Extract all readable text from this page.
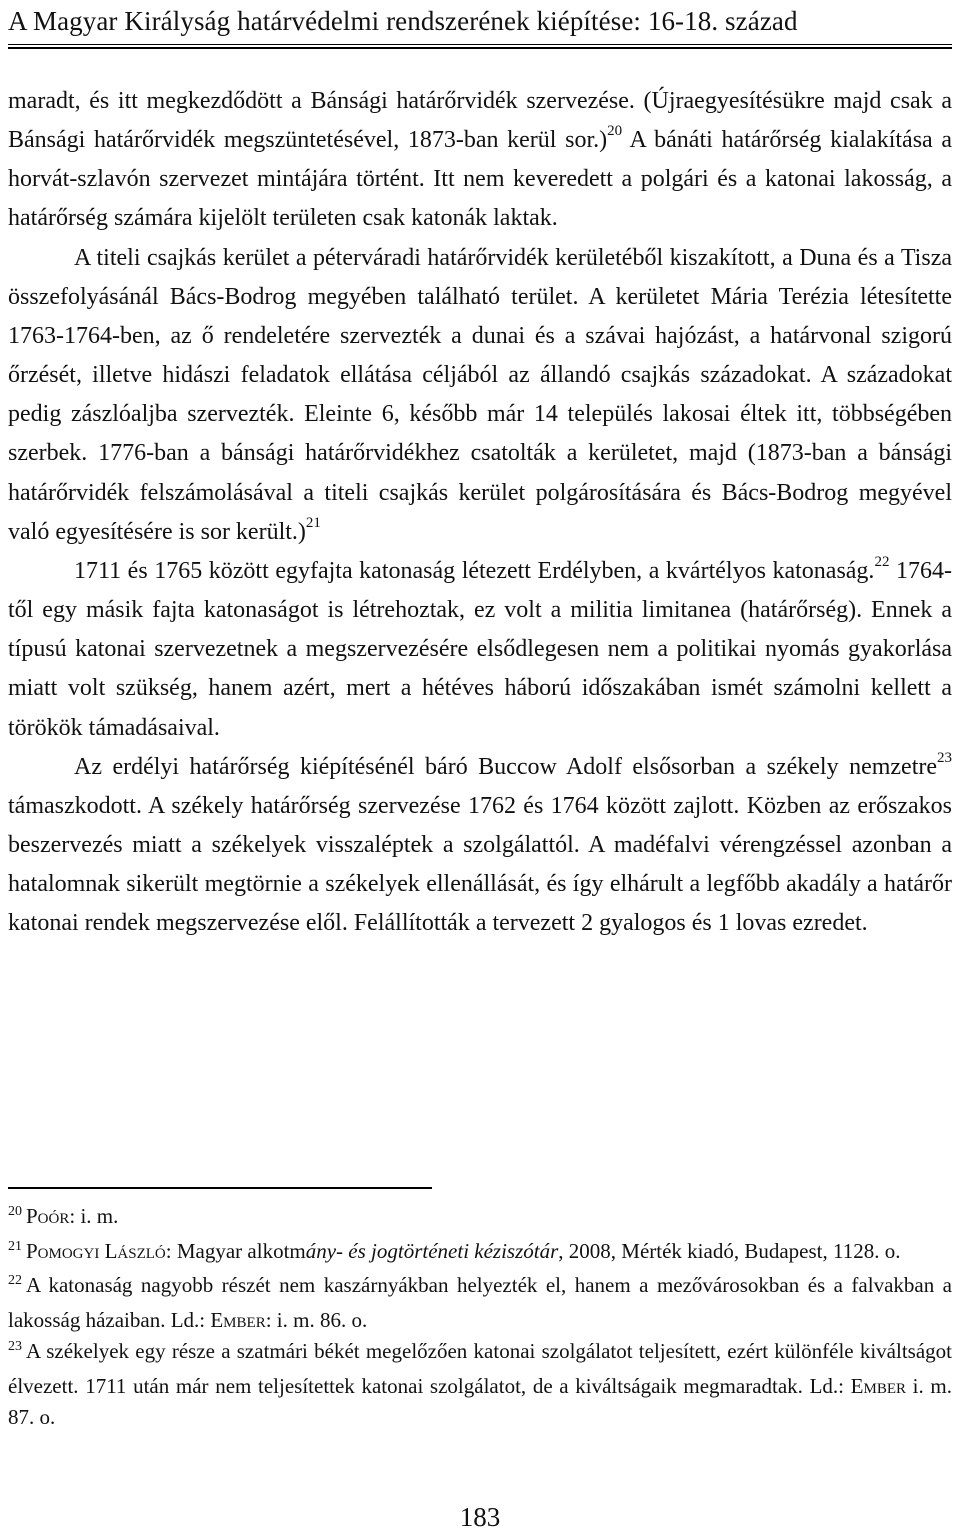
A Magyar Királyság határvédelmi rendszerének kiépítése: 16-18. század

maradt, és itt megkezdődött a Bánsági határőrvidék szervezése. (Újraegyesítésükre majd csak a Bánsági határőrvidék megszüntetésével, 1873-ban kerül sor.)$^{20}$ A bánáti határőrség kialakítása a horvát-szlavón szervezet mintájára történt. Itt nem keveredett a polgári és a katonai lakosság, a határőrség számára kijelölt területen csak katonák laktak.

A titeli csajkás kerület a péterváradi határőrvidék kerületéből kiszakított, a Duna és a Tisza összefolyásánál Bács-Bodrog megyében található terület. A kerületet Mária Terézia létesítette 1763-1764-ben, az ő rendeletére szervezték a dunai és a szávai hajózást, a határvonal szigorú őrzését, illetve hidászi feladatok ellátása céljából az állandó csajkás századokat. A századokat pedig zászlóaljba szervezték. Eleinte 6, később már 14 település lakosai éltek itt, többségében szerbek. 1776-ban a bánsági határőrvidékhez csatolták a kerületet, majd (1873-ban a bánsági határőrvidék felszámolásával a titeli csajkás kerület polgárosítására és Bács-Bodrog megyével való egyesítésére is sor került.)$^{21}$

1711 és 1765 között egyfajta katonaság létezett Erdélyben, a kvártélyos katonaság.$^{22}$ 1764-től egy másik fajta katonaságot is létrehoztak, ez volt a militia limitanea (határőrség). Ennek a típusú katonai szervezetnek a megszervezésére elsődlegesen nem a politikai nyomás gyakorlása miatt volt szükség, hanem azért, mert a hétéves háború időszakában ismét számolni kellett a törökök támadásaival.

Az erdélyi határőrség kiépítésénél báró Buccow Adolf elsősorban a székely nemzetre$^{23}$ támaszkodott. A székely határőrség szervezése 1762 és 1764 között zajlott. Közben az erőszakos beszervezés miatt a székelyek visszaléptek a szolgálattól. A madéfalvi vérengzéssel azonban a hatalomnak sikerült megtörnie a székelyek ellenállását, és így elhárult a legfőbb akadály a határőr katonai rendek megszervezése elől. Felállították a tervezett 2 gyalogos és 1 lovas ezredet.

$^{20}$ Poór: i. m.

$^{21}$ Pomogyi László: Magyar alkotmány- és jogtörténeti kéziszótár, 2008, Mérték kiadó, Budapest, 1128. o.

$^{22}$ A katonaság nagyobb részét nem kaszárnyákban helyezték el, hanem a mezővárosokban és a falvakban a lakosság házaiban. Ld.: Ember: i. m. 86. o.

$^{23}$ A székelyek egy része a szatmári békét megelőzően katonai szolgálatot teljesített, ezért különféle kiváltságot élvezett. 1711 után már nem teljesítettek katonai szolgálatot, de a kiváltságaik megmaradtak. Ld.: Ember i. m. 87. o.

183
